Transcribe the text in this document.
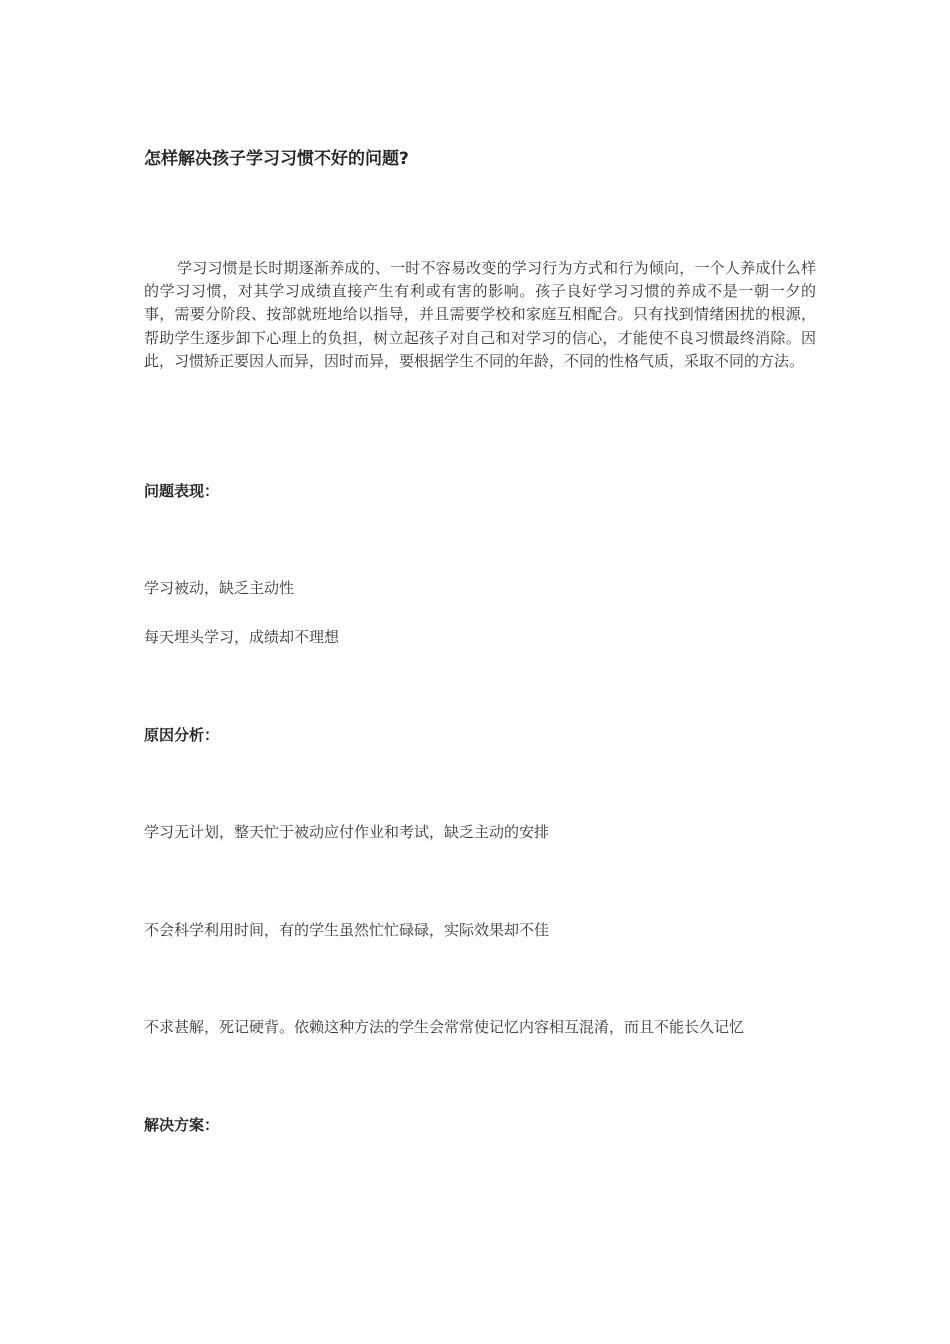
怎样解决孩子学习习惯不好的问题?

学习习惯是长时期逐渐养成的、一时不容易改变的学习行为方式和行为倾向，一个人养成什么样的学习习惯，对其学习成绩直接产生有利或有害的影响。孩子良好学习习惯的养成不是一朝一夕的事，需要分阶段、按部就班地给以指导，并且需要学校和家庭互相配合。只有找到情绪困扰的根源，帮助学生逐步卸下心理上的负担，树立起孩子对自己和对学习的信心，才能使不良习惯最终消除。因此，习惯矫正要因人而异，因时而异，要根据学生不同的年龄，不同的性格气质，采取不同的方法。

问题表现：

学习被动，缺乏主动性

每天埋头学习，成绩却不理想

原因分析：

学习无计划，整天忙于被动应付作业和考试，缺乏主动的安排

不会科学利用时间，有的学生虽然忙忙碌碌，实际效果却不佳

不求甚解，死记硬背。依赖这种方法的学生会常常使记忆内容相互混淆，而且不能长久记忆

解决方案：
